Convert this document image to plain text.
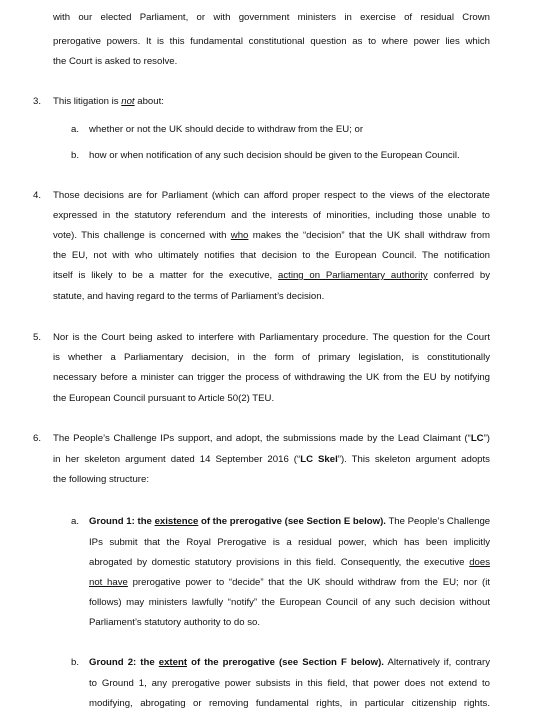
with our elected Parliament, or with government ministers in exercise of residual Crown
prerogative powers. It is this fundamental constitutional question as to where power lies which
the Court is asked to resolve.
3. This litigation is not about:
a. whether or not the UK should decide to withdraw from the EU; or
b. how or when notification of any such decision should be given to the European Council.
4. Those decisions are for Parliament (which can afford proper respect to the views of the electorate
expressed in the statutory referendum and the interests of minorities, including those unable to
vote). This challenge is concerned with who makes the “decision” that the UK shall withdraw from
the EU, not with who ultimately notifies that decision to the European Council. The notification
itself is likely to be a matter for the executive, acting on Parliamentary authority conferred by
statute, and having regard to the terms of Parliament’s decision.
5. Nor is the Court being asked to interfere with Parliamentary procedure. The question for the Court
is whether a Parliamentary decision, in the form of primary legislation, is constitutionally
necessary before a minister can trigger the process of withdrawing the UK from the EU by notifying
the European Council pursuant to Article 50(2) TEU.
6. The People’s Challenge IPs support, and adopt, the submissions made by the Lead Claimant (“LC”)
in her skeleton argument dated 14 September 2016 (“LC Skel”). This skeleton argument adopts
the following structure:
a. Ground 1: the existence of the prerogative (see Section E below). The People’s Challenge
IPs submit that the Royal Prerogative is a residual power, which has been implicitly
abrogated by domestic statutory provisions in this field. Consequently, the executive does
not have prerogative power to “decide” that the UK should withdraw from the EU; nor (it
follows) may ministers lawfully “notify” the European Council of any such decision without
Parliament’s statutory authority to do so.
b. Ground 2: the extent of the prerogative (see Section F below). Alternatively if, contrary
to Ground 1, any prerogative power subsists in this field, that power does not extend to
modifying, abrogating or removing fundamental rights, in particular citizenship rights.
